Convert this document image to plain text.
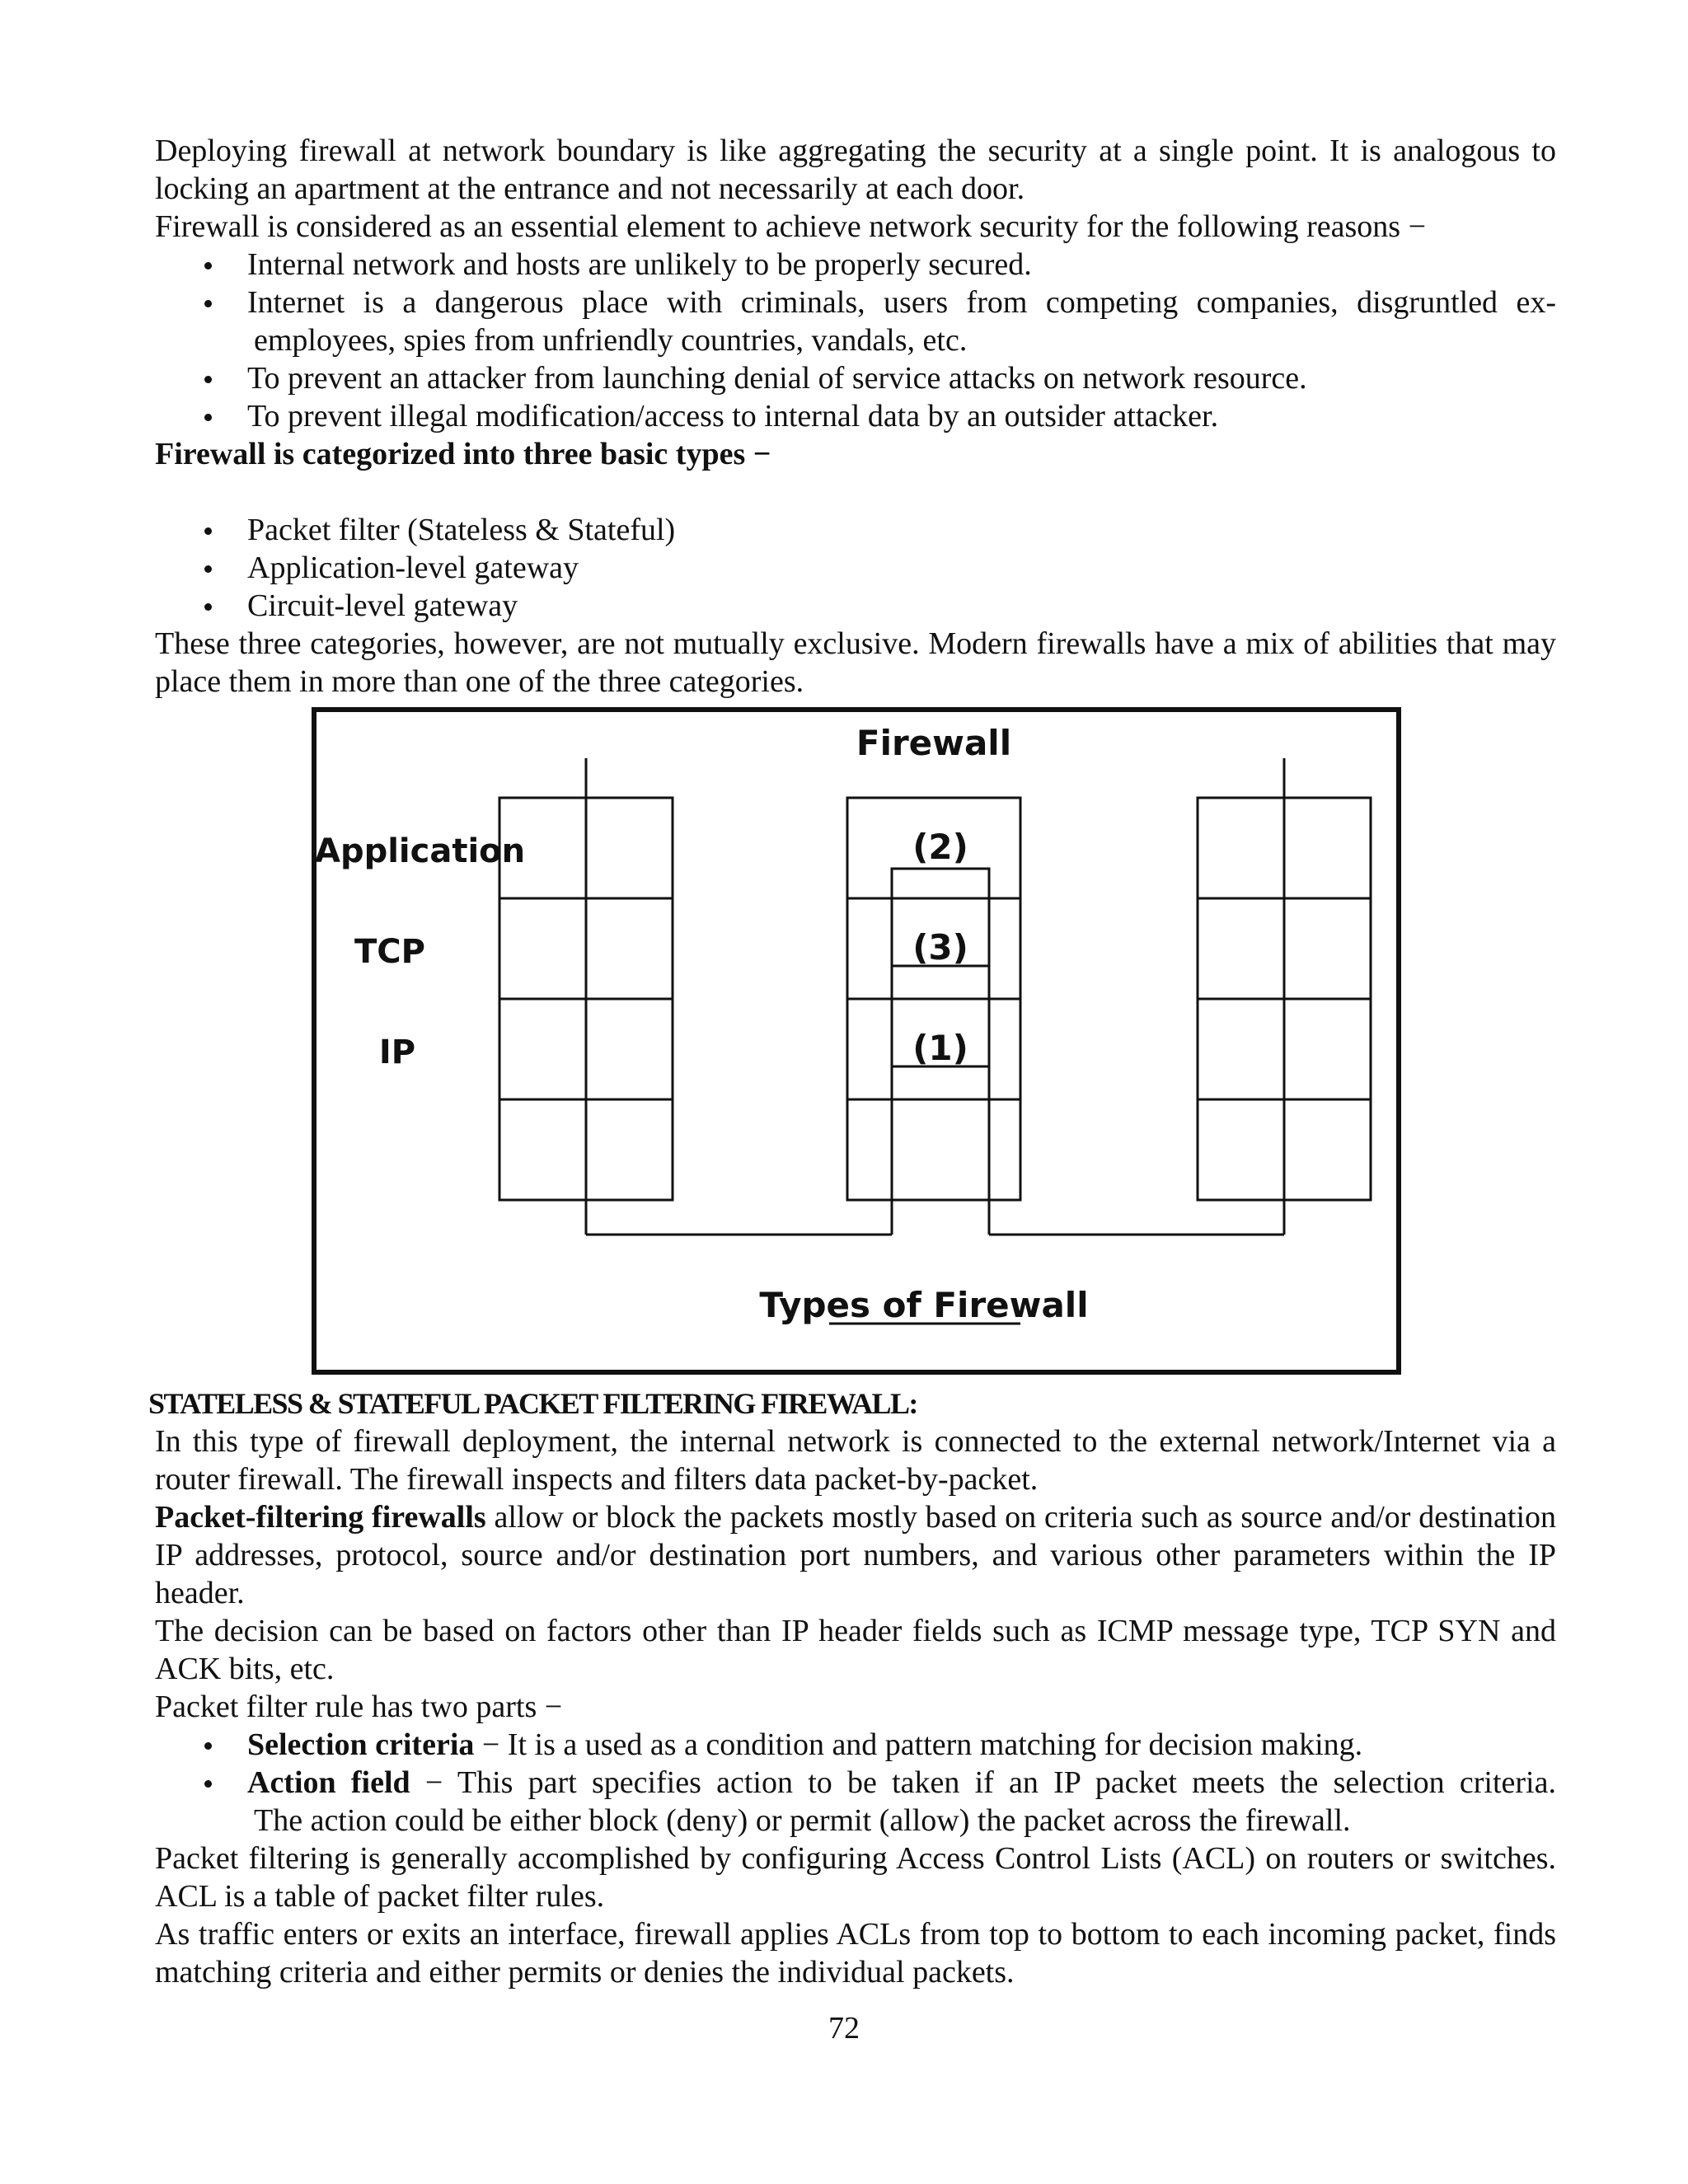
Deploying firewall at network boundary is like aggregating the security at a single point. It is analogous to locking an apartment at the entrance and not necessarily at each door.

Firewall is considered as an essential element to achieve network security for the following reasons −

Internal network and hosts are unlikely to be properly secured.
Internet is a dangerous place with criminals, users from competing companies, disgruntled ex-
employees, spies from unfriendly countries, vandals, etc.
To prevent an attacker from launching denial of service attacks on network resource.
To prevent illegal modification/access to internal data by an outsider attacker.

Firewall is categorized into three basic types −

Packet filter (Stateless & Stateful)
Application-level gateway
Circuit-level gateway

These three categories, however, are not mutually exclusive. Modern firewalls have a mix of abilities that may place them in more than one of the three categories.

Firewall
Application
TCP
IP
(2)
(3)
(1)
Types of Firewall
STATELESS & STATEFUL PACKET FILTERING FIREWALL:

In this type of firewall deployment, the internal network is connected to the external network/Internet via a router firewall. The firewall inspects and filters data packet-by-packet.

Packet-filtering firewalls allow or block the packets mostly based on criteria such as source and/or destination IP addresses, protocol, source and/or destination port numbers, and various other parameters within the IP header.

The decision can be based on factors other than IP header fields such as ICMP message type, TCP SYN and ACK bits, etc.

Packet filter rule has two parts −

Selection criteria − It is a used as a condition and pattern matching for decision making.
Action field − This part specifies action to be taken if an IP packet meets the selection criteria.
The action could be either block (deny) or permit (allow) the packet across the firewall.

Packet filtering is generally accomplished by configuring Access Control Lists (ACL) on routers or switches. ACL is a table of packet filter rules.

As traffic enters or exits an interface, firewall applies ACLs from top to bottom to each incoming packet, finds matching criteria and either permits or denies the individual packets.

72
